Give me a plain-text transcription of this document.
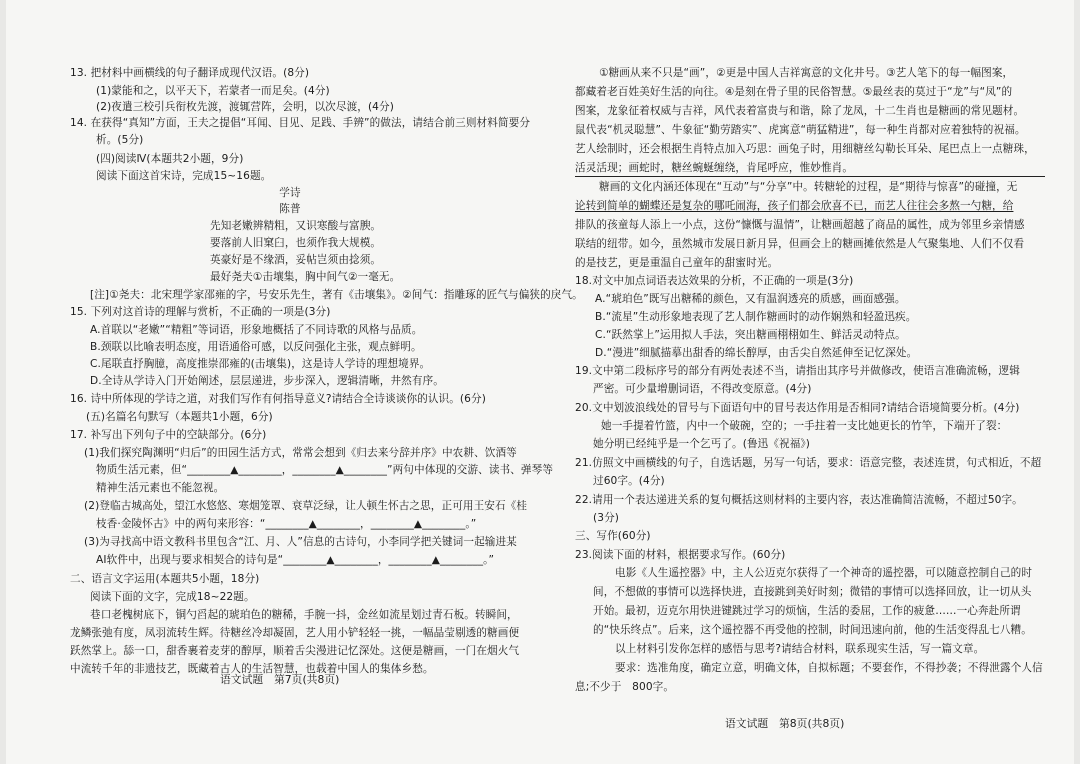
13. 把材料中画横线的句子翻译成现代汉语。(8分)
(1)蒙能和之，以平天下，若蒙者一而足矣。(4分)
(2)夜遣三校引兵衔枚先渡，渡辄营阵，会明，以次尽渡，(4分)
14. 在获得“真知”方面，王夫之提倡“耳闻、目见、足践、手辨”的做法，请结合前三则材料简要分
析。(5分)
(四)阅读Ⅳ(本题共2小题，9分)
阅读下面这首宋诗，完成15~16题。
学诗
陈普
先知老嫩辨精粗，又识寒酸与富腴。
要落前人旧窠臼，也须作我大规模。
英豪好是不缘酒，妥帖岂须由捻须。
最好尧夫①击壤集，胸中间气②一毫无。
[注]①尧夫：北宋理学家邵雍的字，号安乐先生，著有《击壤集》。②间气：指雕琢的匠气与偏狭的戾气。
15. 下列对这首诗的理解与赏析，不正确的一项是(3分)
A.首联以“老嫩”“精粗”等词语，形象地概括了不同诗歌的风格与品质。
B.颈联以比喻表明态度，用语通俗可感，以反问强化主张，观点鲜明。
C.尾联直抒胸臆，高度推崇邵雍的(击壤集)，这是诗人学诗的理想境界。
D.全诗从学诗入门开始阐述，层层递进，步步深入，逻辑清晰，井然有序。
16. 诗中所体现的学诗之道，对我们写作有何指导意义?请结合全诗谈谈你的认识。(6分)
(五)名篇名句默写（本题共1小题，6分)
17. 补写出下列句子中的空缺部分。(6分)
(1)我们探究陶渊明“归后”的田园生活方式，常常会想到《归去来兮辞并序》中农耕、饮酒等
物质生活元素，但“________▲________，________▲________”两句中体现的交游、读书、弹琴等
精神生活元素也不能忽视。
(2)登临古城高处，望江水悠悠、寒烟笼罩、衰草泛绿，让人顿生怀古之思，正可用王安石《桂
枝香·金陵怀古》中的两句来形容：“________▲________，________▲________。”
(3)为寻找高中语文教科书里包含“江、月、人”信息的古诗句，小李同学把关键词一起输进某
AI软件中，出现与要求相契合的诗句是“________▲________，________▲________。”
二、语言文字运用(本题共5小题，18分)
阅读下面的文字，完成18~22题。
巷口老槐树底下，铜勺舀起的琥珀色的糖稀，手腕一抖，金丝如流星划过青石板。转瞬间，
龙鳞张弛有度，凤羽流转生辉。待糖丝冷却凝固，艺人用小铲轻轻一挑，一幅晶莹剔透的糖画便
跃然掌上。舔一口，甜香裹着麦芽的醇厚，顺着舌尖漫进记忆深处。这便是糖画，一门在烟火气
中流转千年的非遗技艺，既藏着古人的生活智慧，也载着中国人的集体乡愁。
语文试题　第7页(共8页)
①糖画从来不只是“画”，②更是中国人吉祥寓意的文化井号。③艺人笔下的每一幅图案，
都藏着老百姓美好生活的向往。④是刻在骨子里的民俗智慧。⑤最丝表的莫过于“龙”与“凤”的
图案，龙象征着权威与吉祥，风代表着富贵与和谐，除了龙凤，十二生肖也是糖画的常见题材。
鼠代表“机灵聪慧”、牛象征“勤劳踏实”、虎寓意“萌猛精进”，每一种生肖都对应着独特的祝福。
艺人绘制时，还会根据生肖特点加入巧思：画兔子时，用细糖丝勾勒长耳朵、尾巴点上一点糖珠，
活灵活现；画蛇时，糖丝蜿蜒缠绕，肯尾呼应，惟妙惟肖。
糖画的文化内涵还体现在“互动”与“分享”中。转糖轮的过程，是“期待与惊喜”的碰撞，无
论转到简单的蝴蝶还是复杂的哪吒闹海，孩子们都会欣喜不已，而艺人往往会多熬一勺糖，给
排队的孩童每人添上一小点，这份“慷慨与温情”，让糖画超越了商品的属性，成为邻里乡亲情感
联结的纽带。如今，虽然城市发展日新月异，但画会上的糖画摊依然是人气聚集地、人们不仅看
的是技艺，更是重温自己童年的甜蜜时光。
18.对文中加点词语表达效果的分析，不正确的一项是(3分)
A.“琥珀色”既写出糖稀的颜色，又有温润透亮的质感，画面感强。
B.“流星”生动形象地表现了艺人制作糖画时的动作娴熟和轻盈迅疾。
C.“跃然掌上”运用拟人手法，突出糖画栩栩如生、鲜活灵动特点。
D.“漫进”细腻描摹出甜香的绵长醇厚，由舌尖自然延伸至记忆深处。
19.文中第二段标序号的部分有两处表述不当，请指出其序号并做修改，使语言准确流畅，逻辑
严密。可少量增删词语，不得改变原意。(4分)
20.文中划波浪线处的冒号与下面语句中的冒号表达作用是否相同?请结合语境简要分析。(4分)
她一手提着竹篮，内中一个破碗，空的；一手拄着一支比她更长的竹竿，下端开了裂：
她分明已经纯乎是一个乞丐了。(鲁迅《祝福》)
21.仿照文中画横线的句子，自选话题，另写一句话，要求：语意完整，表述连贯，句式相近，不超
过60字。(4分)
22.请用一个表达递进关系的复句概括这则材料的主要内容，表达准确简洁流畅，不超过50字。
(3分)
三、写作(60分)
23.阅读下面的材料，根据要求写作。(60分)
电影《人生遥控器》中，主人公迈克尔获得了一个神奇的遥控器，可以随意控制自己的时
间，不想做的事情可以选择快进，直接跳到美好时刻；微错的事情可以选择回放，让一切从头
开始。最初，迈克尔用快进键跳过学习的烦恼，生活的委屈，工作的疲惫……一心奔赴所谓
的“快乐终点”。后来，这个遥控器不再受他的控制，时间迅速向前，他的生活变得乱七八糟。
以上材料引发你怎样的感悟与思考?请结合材料，联系现实生活，写一篇文章。
要求：选准角度，确定立意，明确文体，自拟标题；不要套作，不得抄袭；不得泄露个人信
息;不少于　800字。
语文试题　第8页(共8页)
